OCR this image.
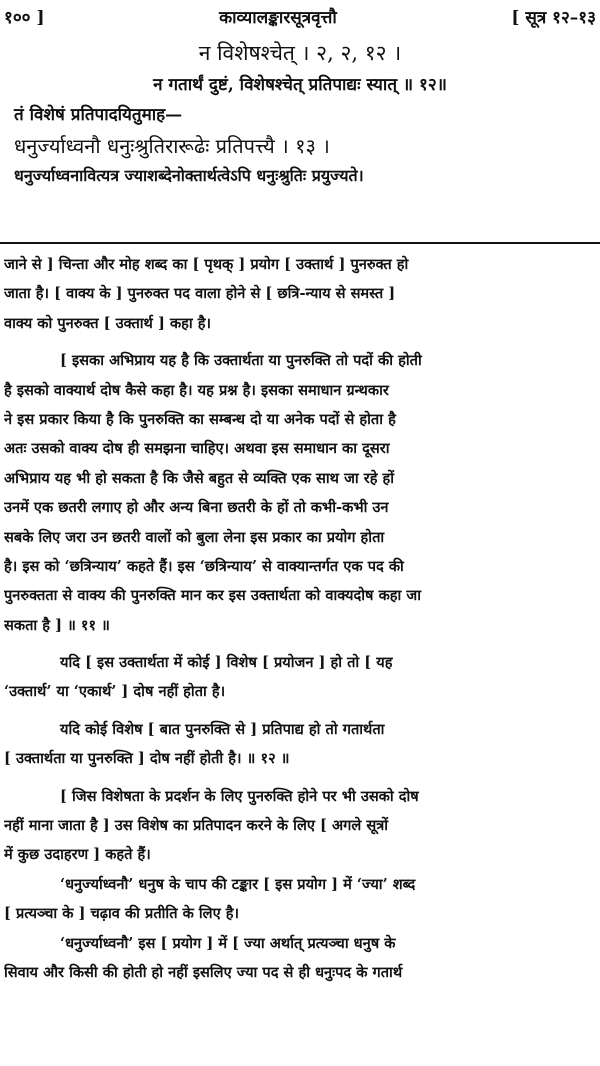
१०० ]	काव्यालङ्कारसूत्रवृत्तौ	[ सूत्र १२–१३
न विशेषश्चेत् । २, २, १२ ।
न गतार्थं दुष्टं, विशेषश्चेत् प्रतिपाद्यः स्यात् ॥ १२॥
तं विशेषं प्रतिपादयितुमाह—
धनुर्ज्याध्वनौ धनुःश्रुतिरारूढेः प्रतिपत्त्यै । १३ ।
धनुर्ज्याध्वनावित्यत्र ज्याशब्देनोक्तार्थत्वेऽपि धनुःश्रुतिः प्रयुज्यते।
जाने से ] चिन्ता और मोह शब्द का [ पृथक् ] प्रयोग [ उक्तार्थ ] पुनरुक्त हो
जाता है। [ वाक्य के ] पुनरुक्त पद वाला होने से [ छत्रि-न्याय से समस्त ]
वाक्य को पुनरुक्त [ उक्तार्थ ] कहा है।
[ इसका अभिप्राय यह है कि उक्तार्थता या पुनरुक्ति तो पदों की होती
है इसको वाक्यार्थ दोष कैसे कहा है। यह प्रश्न है। इसका समाधान ग्रन्थकार
ने इस प्रकार किया है कि पुनरुक्ति का सम्बन्ध दो या अनेक पदों से होता है
अतः उसको वाक्य दोष ही समझना चाहिए। अथवा इस समाधान का दूसरा
अभिप्राय यह भी हो सकता है कि जैसे बहुत से व्यक्ति एक साथ जा रहे हों
उनमें एक छतरी लगाए हो और अन्य बिना छतरी के हों तो कभी-कभी उन
सबके लिए जरा उन छतरी वालों को बुला लेना इस प्रकार का प्रयोग होता
है। इस को ‘छत्रिन्याय’ कहते हैं। इस ‘छत्रिन्याय’ से वाक्यान्तर्गत एक पद की
पुनरुक्तता से वाक्य की पुनरुक्ति मान कर इस उक्तार्थता को वाक्यदोष कहा जा
सकता है ] ॥ ११ ॥
यदि [ इस उक्तार्थता में कोई ] विशेष [ प्रयोजन ] हो तो [ यह
‘उक्तार्थ’ या ‘एकार्थ’ ] दोष नहीं होता है।
यदि कोई विशेष [ बात पुनरुक्ति से ] प्रतिपाद्य हो तो गतार्थता
[ उक्तार्थता या पुनरुक्ति ] दोष नहीं होती है। ॥ १२ ॥
[ जिस विशेषता के प्रदर्शन के लिए पुनरुक्ति होने पर भी उसको दोष
नहीं माना जाता है ] उस विशेष का प्रतिपादन करने के लिए [ अगले सूत्रों
में कुछ उदाहरण ] कहते हैं।
‘धनुर्ज्याध्वनौ’ धनुष के चाप की टङ्कार [ इस प्रयोग ] में ‘ज्या’ शब्द
[ प्रत्यञ्चा के ] चढ़ाव की प्रतीति के लिए है।
‘धनुर्ज्याध्वनौ’ इस [ प्रयोग ] में [ ज्या अर्थात् प्रत्यञ्चा धनुष के
सिवाय और किसी की होती हो नहीं इसलिए ज्या पद से ही धनुःपद के गतार्थ
